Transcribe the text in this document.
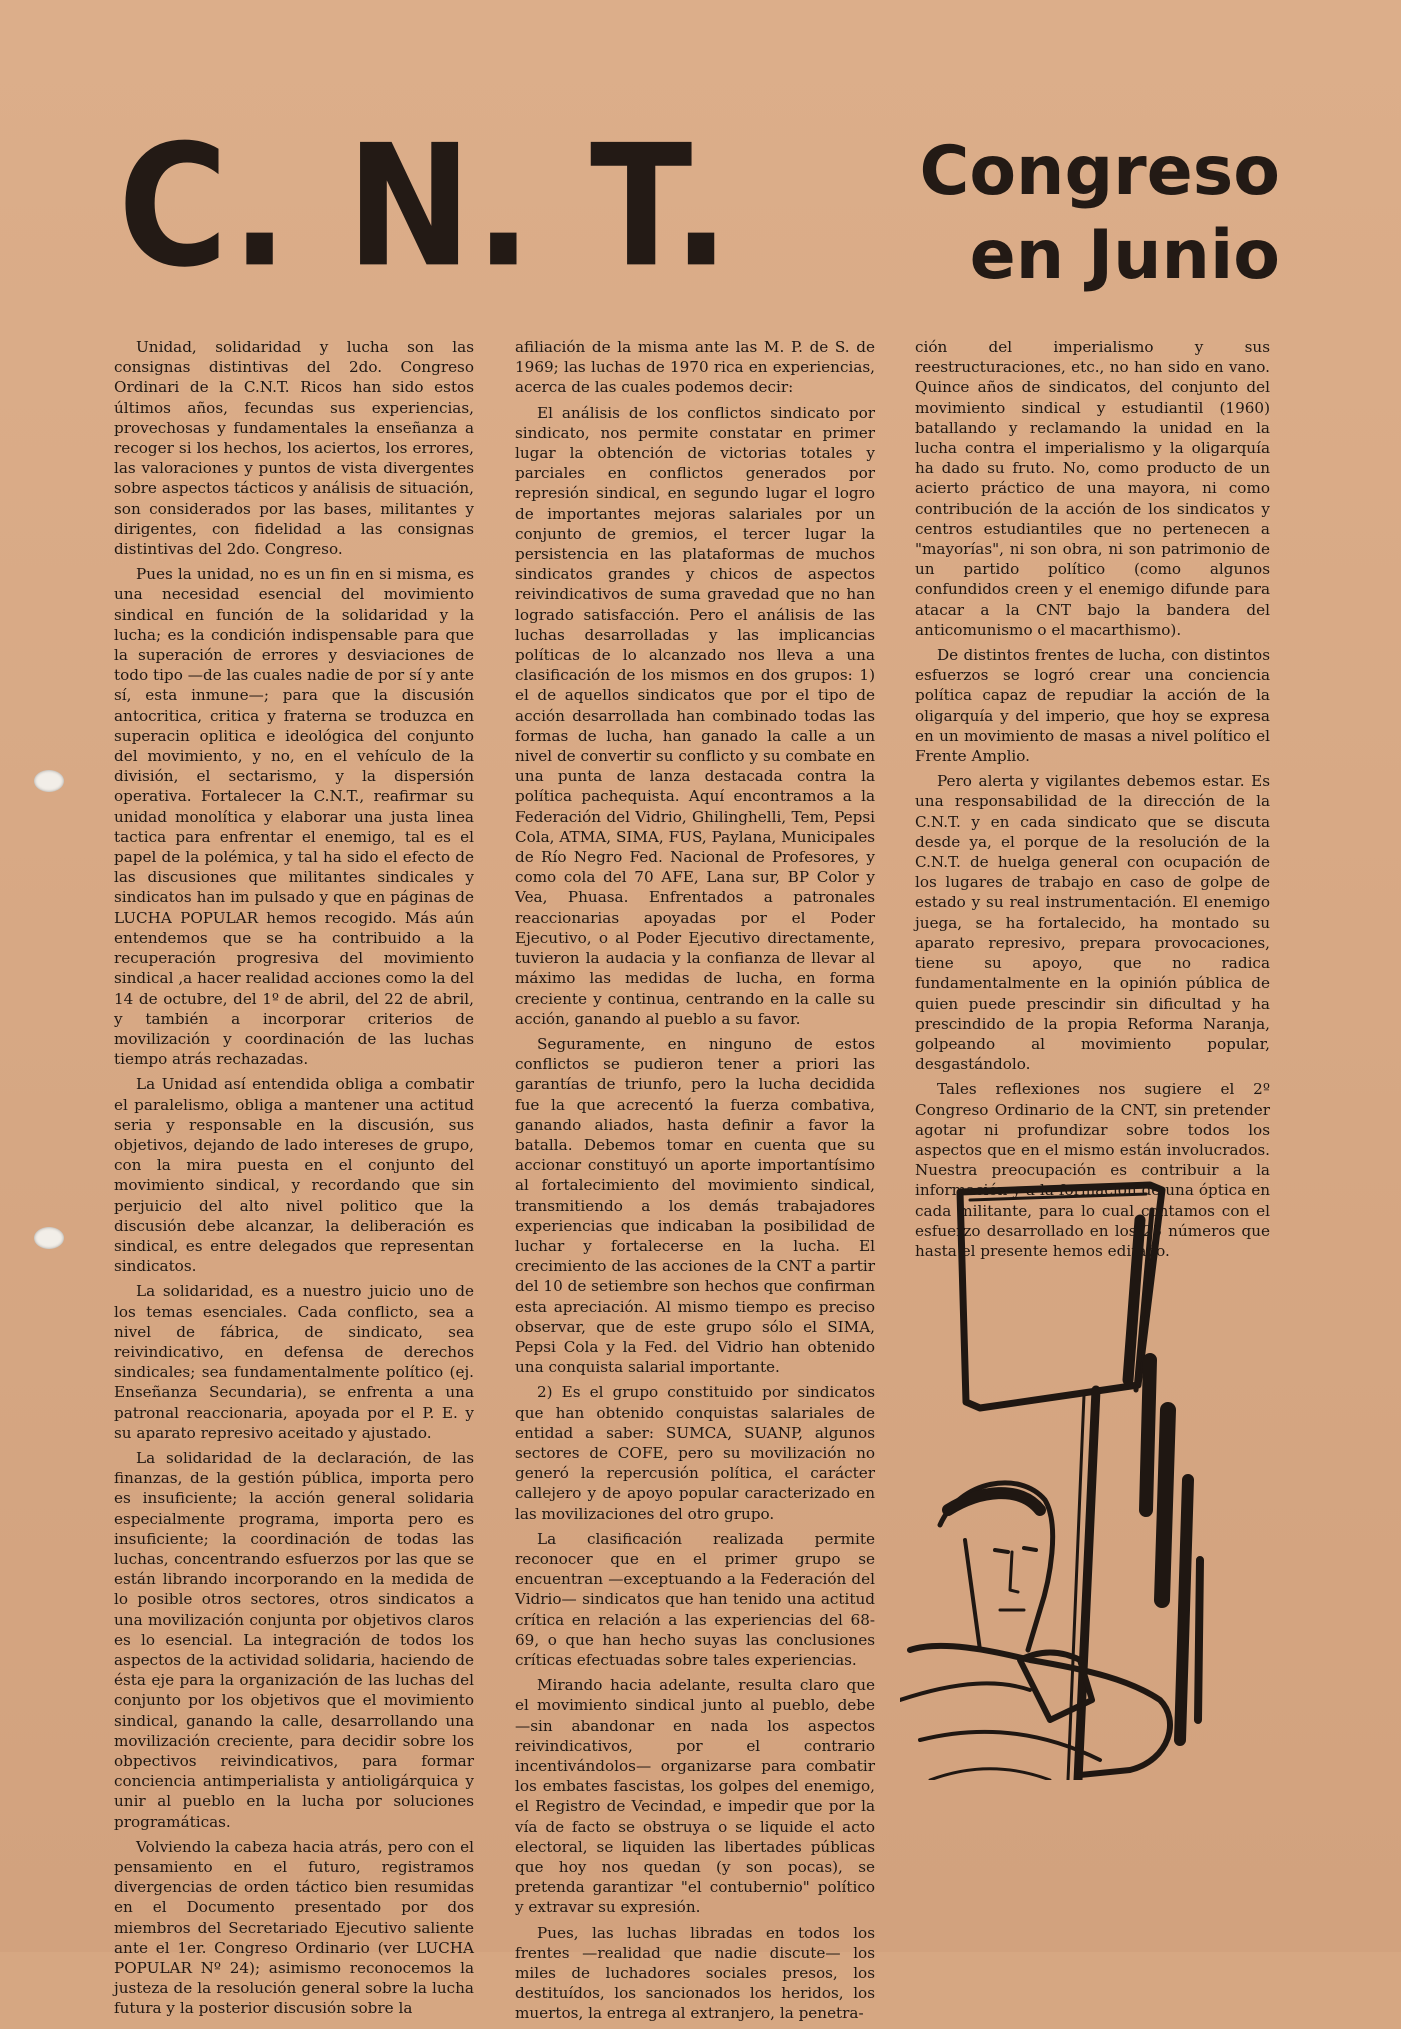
C. N. T.	Congreso
en Junio

Unidad, solidaridad y lucha son las consignas distintivas del 2do. Congreso Ordinari de la C.N.T. Ricos han sido estos últimos años, fecundas sus experiencias, provechosas y fundamentales la enseñanza a recoger si los hechos, los aciertos, los errores, las valoraciones y puntos de vista divergentes sobre aspectos tácticos y análisis de situación, son considerados por las bases, militantes y dirigentes, con fidelidad a las consignas distintivas del 2do. Congreso.

Pues la unidad, no es un fin en si misma, es una necesidad esencial del movimiento sindical en función de la solidaridad y la lucha; es la condición indispensable para que la superación de errores y desviaciones de todo tipo —de las cuales nadie de por sí y ante sí, esta inmune—; para que la discusión antocritica, critica y fraterna se troduzca en superacin oplitica e ideológica del conjunto del movimiento, y no, en el vehículo de la división, el sectarismo, y la dispersión operativa. Fortalecer la C.N.T., reafirmar su unidad monolítica y elaborar una justa linea tactica para enfrentar el enemigo, tal es el papel de la polémica, y tal ha sido el efecto de las discusiones que militantes sindicales y sindicatos han im pulsado y que en páginas de LUCHA POPULAR hemos recogido. Más aún entendemos que se ha contribuido a la recuperación progresiva del movimiento sindical ,a hacer realidad acciones como la del 14 de octubre, del 1º de abril, del 22 de abril, y también a incorporar criterios de movilización y coordinación de las luchas tiempo atrás rechazadas.

La Unidad así entendida obliga a combatir el paralelismo, obliga a mantener una actitud seria y responsable en la discusión, sus objetivos, dejando de lado intereses de grupo, con la mira puesta en el conjunto del movimiento sindical, y recordando que sin perjuicio del alto nivel politico que la discusión debe alcanzar, la deliberación es sindical, es entre delegados que representan sindicatos.

La solidaridad, es a nuestro juicio uno de los temas esenciales. Cada conflicto, sea a nivel de fábrica, de sindicato, sea reivindicativo, en defensa de derechos sindicales; sea fundamentalmente político (ej. Enseñanza Secundaria), se enfrenta a una patronal reaccionaria, apoyada por el P. E. y su aparato represivo aceitado y ajustado.

La solidaridad de la declaración, de las finanzas, de la gestión pública, importa pero es insuficiente; la acción general solidaria especialmente programa, importa pero es insuficiente; la coordinación de todas las luchas, concentrando esfuerzos por las que se están librando incorporando en la medida de lo posible otros sectores, otros sindicatos a una movilización conjunta por objetivos claros es lo esencial. La integración de todos los aspectos de la actividad solidaria, haciendo de ésta eje para la organización de las luchas del conjunto por los objetivos que el movimiento sindical, ganando la calle, desarrollando una movilización creciente, para decidir sobre los obpectivos reivindicativos, para formar conciencia antimperialista y antioligárquica y unir al pueblo en la lucha por soluciones programáticas.

Volviendo la cabeza hacia atrás, pero con el pensamiento en el futuro, registramos divergencias de orden táctico bien resumidas en el Documento presentado por dos miembros del Secretariado Ejecutivo saliente ante el 1er. Congreso Ordinario (ver LUCHA POPULAR Nº 24); asimismo reconocemos la justeza de la resolución general sobre la lucha futura y la posterior discusión sobre la

afiliación de la misma ante las M. P. de S. de 1969; las luchas de 1970 rica en experiencias, acerca de las cuales podemos decir:

El análisis de los conflictos sindicato por sindicato, nos permite constatar en primer lugar la obtención de victorias totales y parciales en conflictos generados por represión sindical, en segundo lugar el logro de importantes mejoras salariales por un conjunto de gremios, el tercer lugar la persistencia en las plataformas de muchos sindicatos grandes y chicos de aspectos reivindicativos de suma gravedad que no han logrado satisfacción. Pero el análisis de las luchas desarrolladas y las implicancias políticas de lo alcanzado nos lleva a una clasificación de los mismos en dos grupos: 1) el de aquellos sindicatos que por el tipo de acción desarrollada han combinado todas las formas de lucha, han ganado la calle a un nivel de convertir su conflicto y su combate en una punta de lanza destacada contra la política pachequista. Aquí encontramos a la Federación del Vidrio, Ghilinghelli, Tem, Pepsi Cola, ATMA, SIMA, FUS, Paylana, Municipales de Río Negro Fed. Nacional de Profesores, y como cola del 70 AFE, Lana sur, BP Color y Vea, Phuasa. Enfrentados a patronales reaccionarias apoyadas por el Poder Ejecutivo, o al Poder Ejecutivo directamente, tuvieron la audacia y la confianza de llevar al máximo las medidas de lucha, en forma creciente y continua, centrando en la calle su acción, ganando al pueblo a su favor.

Seguramente, en ninguno de estos conflictos se pudieron tener a priori las garantías de triunfo, pero la lucha decidida fue la que acrecentó la fuerza combativa, ganando aliados, hasta definir a favor la batalla. Debemos tomar en cuenta que su accionar constituyó un aporte importantísimo al fortalecimiento del movimiento sindical, transmitiendo a los demás trabajadores experiencias que indicaban la posibilidad de luchar y fortalecerse en la lucha. El crecimiento de las acciones de la CNT a partir del 10 de setiembre son hechos que confirman esta apreciación. Al mismo tiempo es preciso observar, que de este grupo sólo el SIMA, Pepsi Cola y la Fed. del Vidrio han obtenido una conquista salarial importante.

2) Es el grupo constituido por sindicatos que han obtenido conquistas salariales de entidad a saber: SUMCA, SUANP, algunos sectores de COFE, pero su movilización no generó la repercusión política, el carácter callejero y de apoyo popular caracterizado en las movilizaciones del otro grupo.

La clasificación realizada permite reconocer que en el primer grupo se encuentran —exceptuando a la Federación del Vidrio— sindicatos que han tenido una actitud crítica en relación a las experiencias del 68-69, o que han hecho suyas las conclusiones críticas efectuadas sobre tales experiencias.

Mirando hacia adelante, resulta claro que el movimiento sindical junto al pueblo, debe —sin abandonar en nada los aspectos reivindicativos, por el contrario incentivándolos— organizarse para combatir los embates fascistas, los golpes del enemigo, el Registro de Vecindad, e impedir que por la vía de facto se obstruya o se liquide el acto electoral, se liquiden las libertades públicas que hoy nos quedan (y son pocas), se pretenda garantizar "el contubernio" político y extravar su expresión.

Pues, las luchas libradas en todos los frentes —realidad que nadie discute— los miles de luchadores sociales presos, los destituídos, los sancionados los heridos, los muertos, la entrega al extranjero, la penetra-

ción del imperialismo y sus reestructuraciones, etc., no han sido en vano. Quince años de sindicatos, del conjunto del movimiento sindical y estudiantil (1960) batallando y reclamando la unidad en la lucha contra el imperialismo y la oligarquía ha dado su fruto. No, como producto de un acierto práctico de una mayora, ni como contribución de la acción de los sindicatos y centros estudiantiles que no pertenecen a "mayorías", ni son obra, ni son patrimonio de un partido político (como algunos confundidos creen y el enemigo difunde para atacar a la CNT bajo la bandera del anticomunismo o el macarthismo).

De distintos frentes de lucha, con distintos esfuerzos se logró crear una conciencia política capaz de repudiar la acción de la oligarquía y del imperio, que hoy se expresa en un movimiento de masas a nivel político el Frente Amplio.

Pero alerta y vigilantes debemos estar. Es una responsabilidad de la dirección de la C.N.T. y en cada sindicato que se discuta desde ya, el porque de la resolución de la C.N.T. de huelga general con ocupación de los lugares de trabajo en caso de golpe de estado y su real instrumentación. El enemigo juega, se ha fortalecido, ha montado su aparato represivo, prepara provocaciones, tiene su apoyo, que no radica fundamentalmente en la opinión pública de quien puede prescindir sin dificultad y ha prescindido de la propia Reforma Naranja, golpeando al movimiento popular, desgastándolo.

Tales reflexiones nos sugiere el 2º Congreso Ordinario de la CNT, sin pretender agotar ni profundizar sobre todos los aspectos que en el mismo están involucrados. Nuestra preocupación es contribuir a la información y a la formación de una óptica en cada militante, para lo cual contamos con el esfuerzo desarrollado en los 25 números que hasta el presente hemos editado.
